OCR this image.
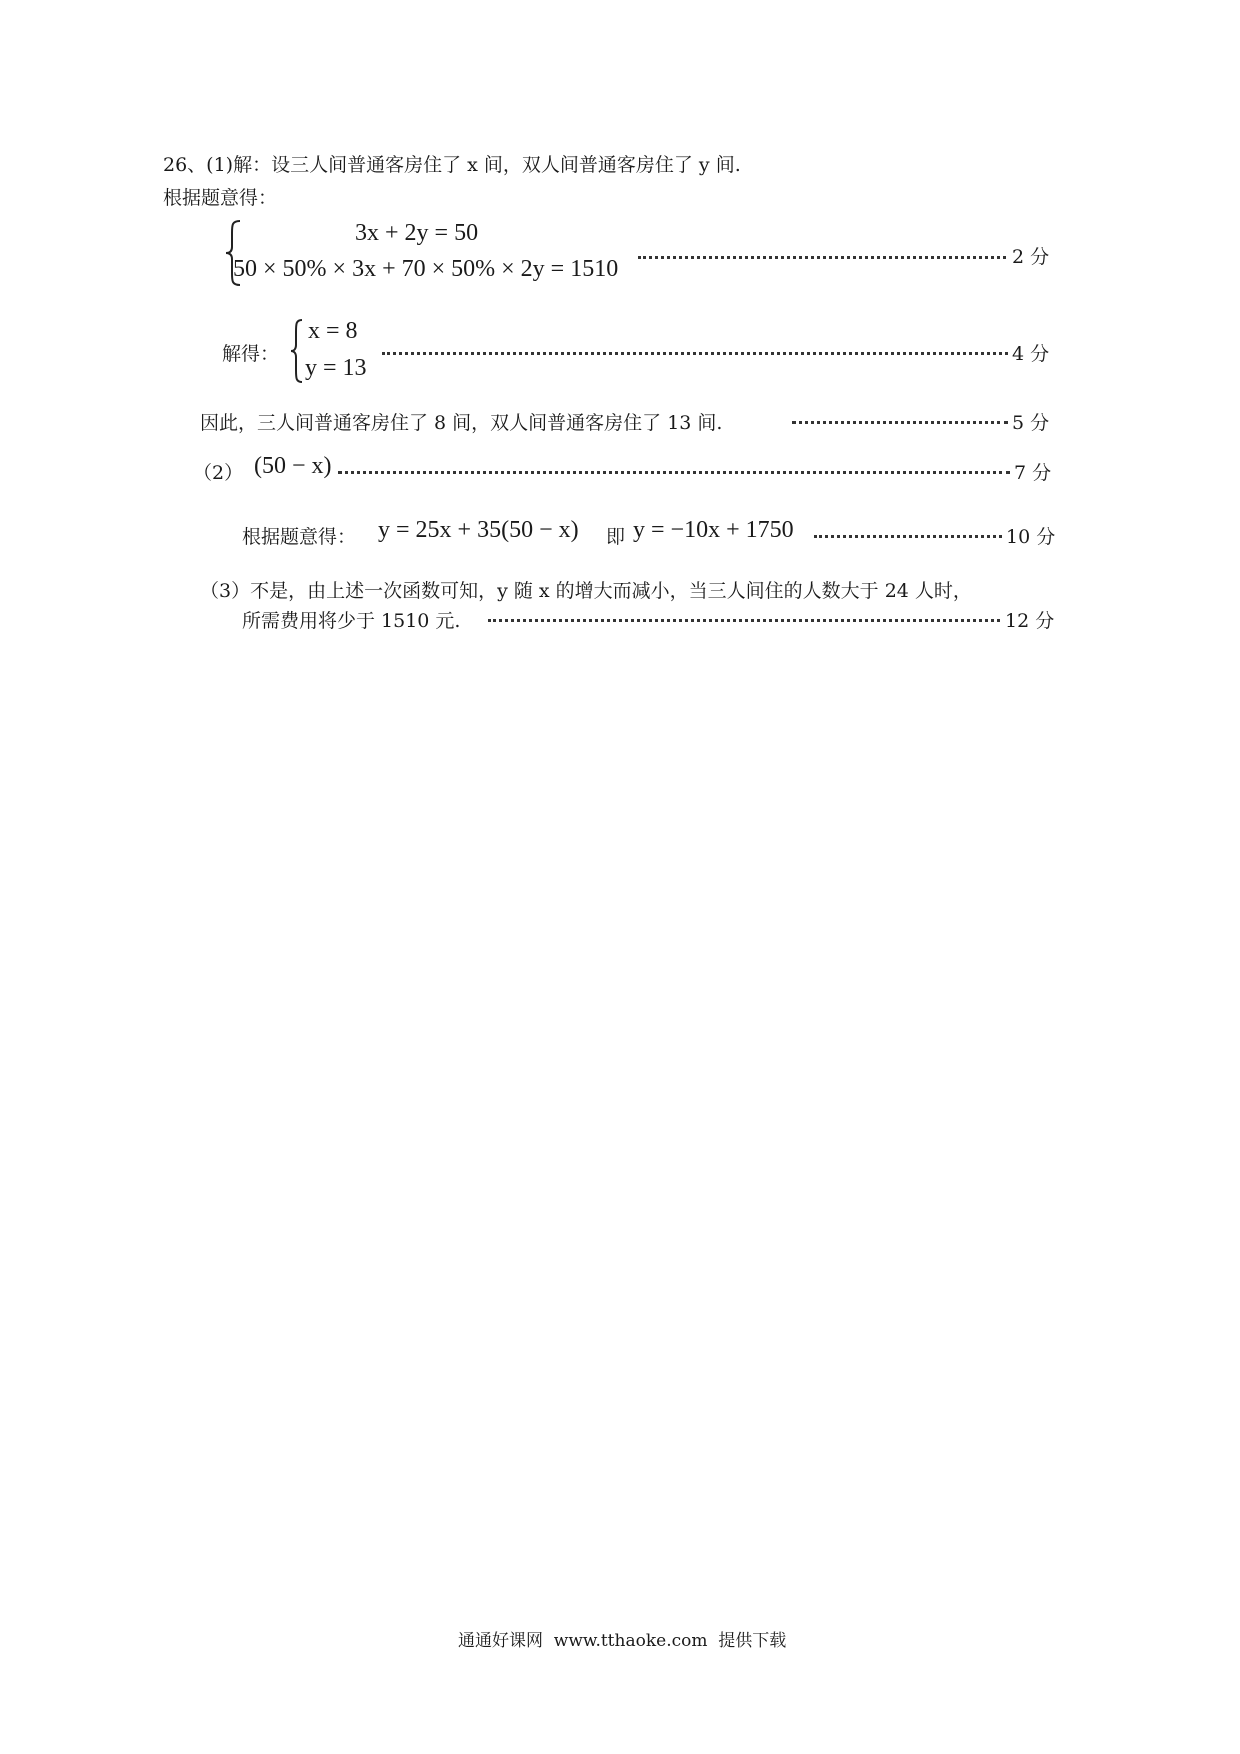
26、(1)解：设三人间普通客房住了 x 间，双人间普通客房住了 y 间.
根据题意得：
3x + 2y = 50
50 × 50% × 3x + 70 × 50% × 2y = 1510	2 分
解得：
x = 8
y = 13
4 分
因此，三人间普通客房住了 8 间，双人间普通客房住了 13 间.	5 分
（2） (50 − x)	7 分
根据题意得： y = 25x + 35(50 − x) 即 y = −10x + 1750	10 分
（3）不是，由上述一次函数可知，y 随 x 的增大而减小，当三人间住的人数大于 24 人时，
所需费用将少于 1510 元.	12 分
通通好课网  www.tthaoke.com  提供下载
